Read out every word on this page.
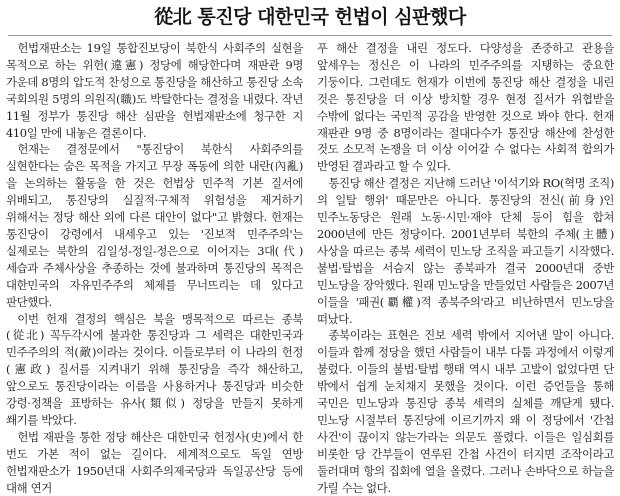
從北 통진당 대한민국 헌법이 심판했다

헌법재판소는 19일 통합진보당이 북한식 사회주의 실현을 목적으로 하는 위헌(違憲) 정당에 해당한다며 재판관 9명 가운데 8명의 압도적 찬성으로 통진당을 해산하고 통진당 소속 국회의원 5명의 의원직(職)도 박탈한다는 결정을 내렸다. 작년 11월 정부가 통진당 해산 심판을 헌법재판소에 청구한 지 410일 만에 내놓은 결론이다.

헌재는 결정문에서 "통진당이 북한식 사회주의를 실현한다는 숨은 목적을 가지고 무장 폭동에 의한 내란(內亂)을 논의하는 활동을 한 것은 헌법상 민주적 기본 질서에 위배되고, 통진당의 실질적·구체적 위험성을 제거하기 위해서는 정당 해산 외에 다른 대안이 없다"고 밝혔다. 헌재는 통진당이 강령에서 내세우고 있는 '진보적 민주주의'는 실제로는 북한의 김일성-정일-정은으로 이어지는 3대(代) 세습과 주체사상을 추종하는 것에 불과하며 통진당의 목적은 대한민국의 자유민주주의 체제를 무너뜨리는 데 있다고 판단했다.

이번 헌재 결정의 핵심은 북을 맹목적으로 따르는 종북(從北) 꼭두각시에 불과한 통진당과 그 세력은 대한민국과 민주주의의 적(敵)이라는 것이다. 이들로부터 이 나라의 헌정(憲政) 질서를 지켜내기 위해 통진당을 즉각 해산하고, 앞으로도 통진당이라는 이름을 사용하거나 통진당과 비슷한 강령·정책을 표방하는 유사(類似) 정당을 만들지 못하게 쐐기를 박았다.

헌법 재판을 통한 정당 해산은 대한민국 헌정사(史)에서 한 번도 가본 적이 없는 길이다. 세계적으로도 독일 연방 헌법재판소가 1950년대 사회주의제국당과 독일공산당 등에 대해 연거

푸 해산 결정을 내린 정도다. 다양성을 존중하고 관용을 앞세우는 정신은 이 나라의 민주주의를 지탱하는 중요한 기둥이다. 그런데도 헌재가 이번에 통진당 해산 결정을 내린 것은 통진당을 더 이상 방치할 경우 현정 질서가 위협받을 수밖에 없다는 국민적 공감을 반영한 것으로 봐야 한다. 헌재 재판관 9명 중 8명이라는 절대다수가 통진당 해산에 찬성한 것도 소모적 논쟁을 더 이상 이어갈 수 없다는 사회적 합의가 반영된 결과라고 할 수 있다.

통진당 해산 결정은 지난해 드러난 '이석기와 RO(혁명 조직)의 일탈 행위' 때문만은 아니다. 통진당의 전신(前身)인 민주노동당은 원래 노동·시민·재야 단체 등이 힘을 합쳐 2000년에 만든 정당이다. 2001년부터 북한의 주체(主體)사상을 따르는 종북 세력이 민노당 조직을 파고들기 시작했다. 불법·탈법을 서슴지 않는 종북파가 결국 2000년대 중반 민노당을 장악했다. 원래 민노당을 만들었던 사람들은 2007년 이들을 '패권(覇權)적 종북주의'라고 비난하면서 민노당을 떠났다.

종북이라는 표현은 진보 세력 밖에서 지어낸 말이 아니다. 이들과 함께 정당을 했던 사람들이 내부 다툼 과정에서 이렇게 불렀다. 이들의 불법·탈법 행태 역시 내부 고발이 없었다면 단 밖에서 쉽게 눈치채지 못했을 것이다. 이런 증언들을 통해 국민은 민노당과 통진당 종북 세력의 실체를 깨닫게 됐다. 민노당 시절부터 통진당에 이르기까지 왜 이 정당에서 '간첩 사건'이 끊이지 않는가라는 의문도 풀렸다. 이들은 일심회를 비롯한 당 간부들이 연루된 간첩 사건이 터지면 조작이라고 둘러대며 항의 집회에 열을 올렸다. 그러나 손바닥으로 하늘을 가릴 수는 없다.
